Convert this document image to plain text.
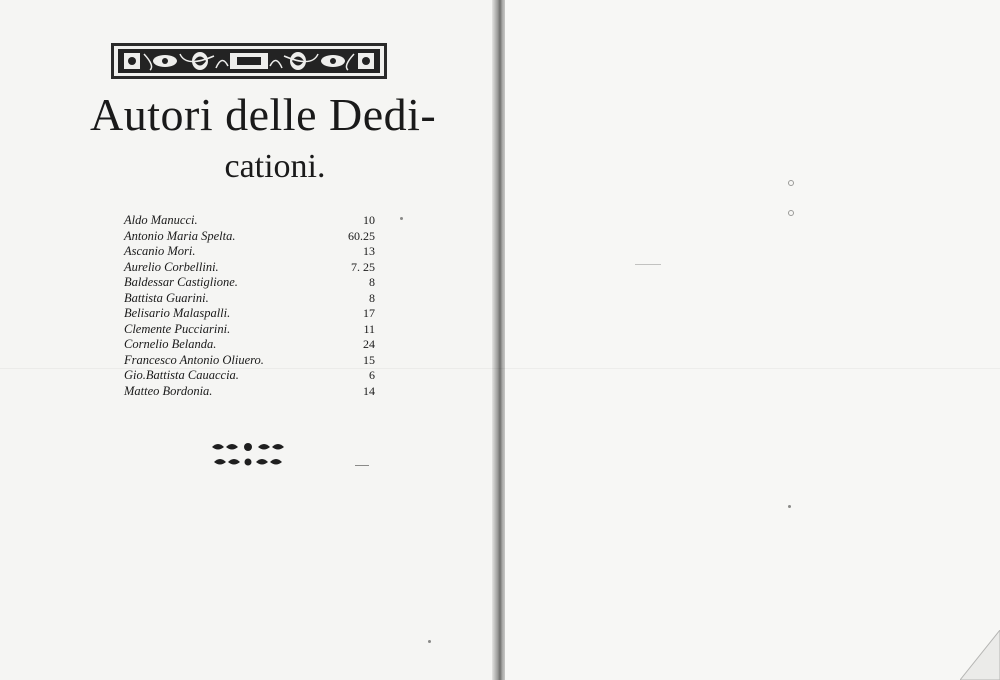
Autori delle Dedi-
cationi.
Aldo Manucci.	10
Antonio Maria Spelta.	60.25
Ascanio Mori.	13
Aurelio Corbellini.	7. 25
Baldessar Castiglione.	8
Battista Guarini.	8
Belisario Malaspalli.	17
Clemente Pucciarini.	11
Cornelio Belanda.	24
Francesco Antonio Oliuero.	15
Gio.Battista Cauaccia.	6
Matteo Bordonia.	14
